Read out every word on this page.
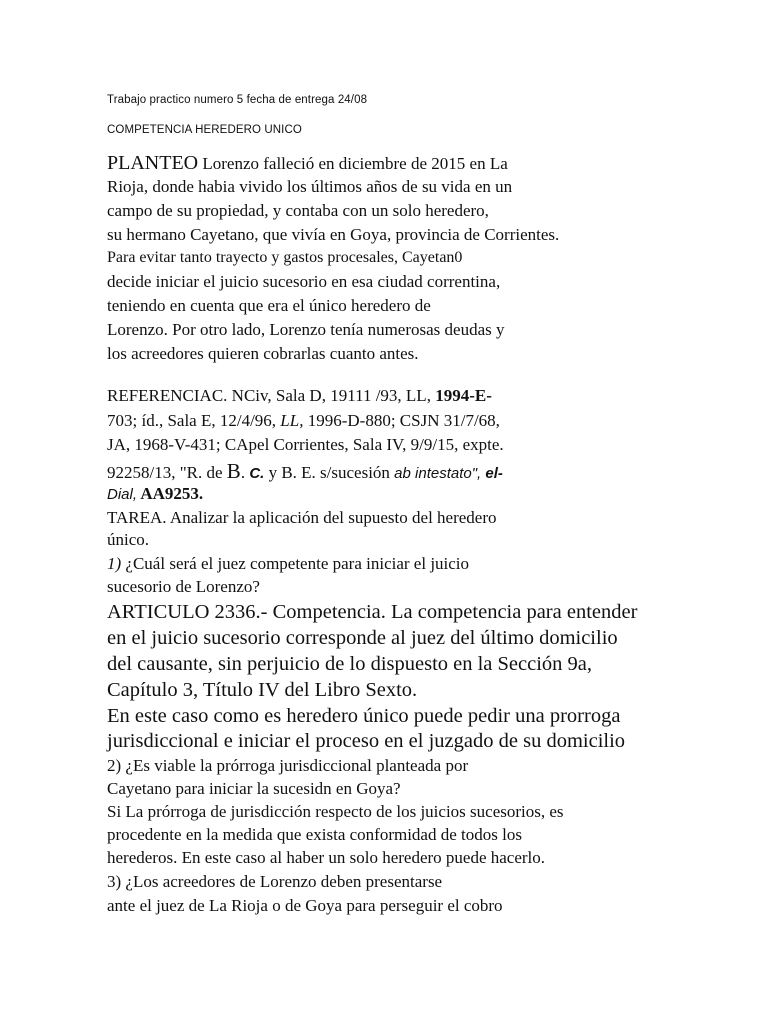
Trabajo practico numero 5 fecha de entrega 24/08
COMPETENCIA HEREDERO UNICO
PLANTEO Lorenzo falleció en diciembre de 2015 en La
Rioja, donde habia vivido los últimos años de su vida en un
campo de su propiedad, y contaba con un solo heredero,
su hermano Cayetano, que vivía en Goya, provincia de Corrientes.
Para evitar tanto trayecto y gastos procesales, Cayetan0
decide iniciar el juicio sucesorio en esa ciudad correntina,
teniendo en cuenta que era el único heredero de
Lorenzo. Por otro lado, Lorenzo tenía numerosas deudas y
los acreedores quieren cobrarlas cuanto antes.
REFERENCIAC. NCiv, Sala D, 19111 /93, LL, 1994-E-
703; íd., Sala E, 12/4/96, LL, 1996-D-880; CSJN 31/7/68,
JA, 1968-V-431; CApel Corrientes, Sala IV, 9/9/15, expte.
92258/13, "R. de B. C. y B. E. s/sucesión ab intestato", el-
Dial, AA9253.
TAREA. Analizar la aplicación del supuesto del heredero
único.
1) ¿Cuál será el juez competente para iniciar el juicio
sucesorio de Lorenzo?
ARTICULO 2336.- Competencia. La competencia para entender
en el juicio sucesorio corresponde al juez del último domicilio
del causante, sin perjuicio de lo dispuesto en la Sección 9a,
Capítulo 3, Título IV del Libro Sexto.
En este caso como es heredero único puede pedir una prorroga
jurisdiccional e iniciar el proceso en el juzgado de su domicilio
2) ¿Es viable la prórroga jurisdiccional planteada por
Cayetano para iniciar la sucesidn en Goya?
Si La prórroga de jurisdicción respecto de los juicios sucesorios, es
procedente en la medida que exista conformidad de todos los
herederos. En este caso al haber un solo heredero puede hacerlo.
3) ¿Los acreedores de Lorenzo deben presentarse
ante el juez de La Rioja o de Goya para perseguir el cobro
